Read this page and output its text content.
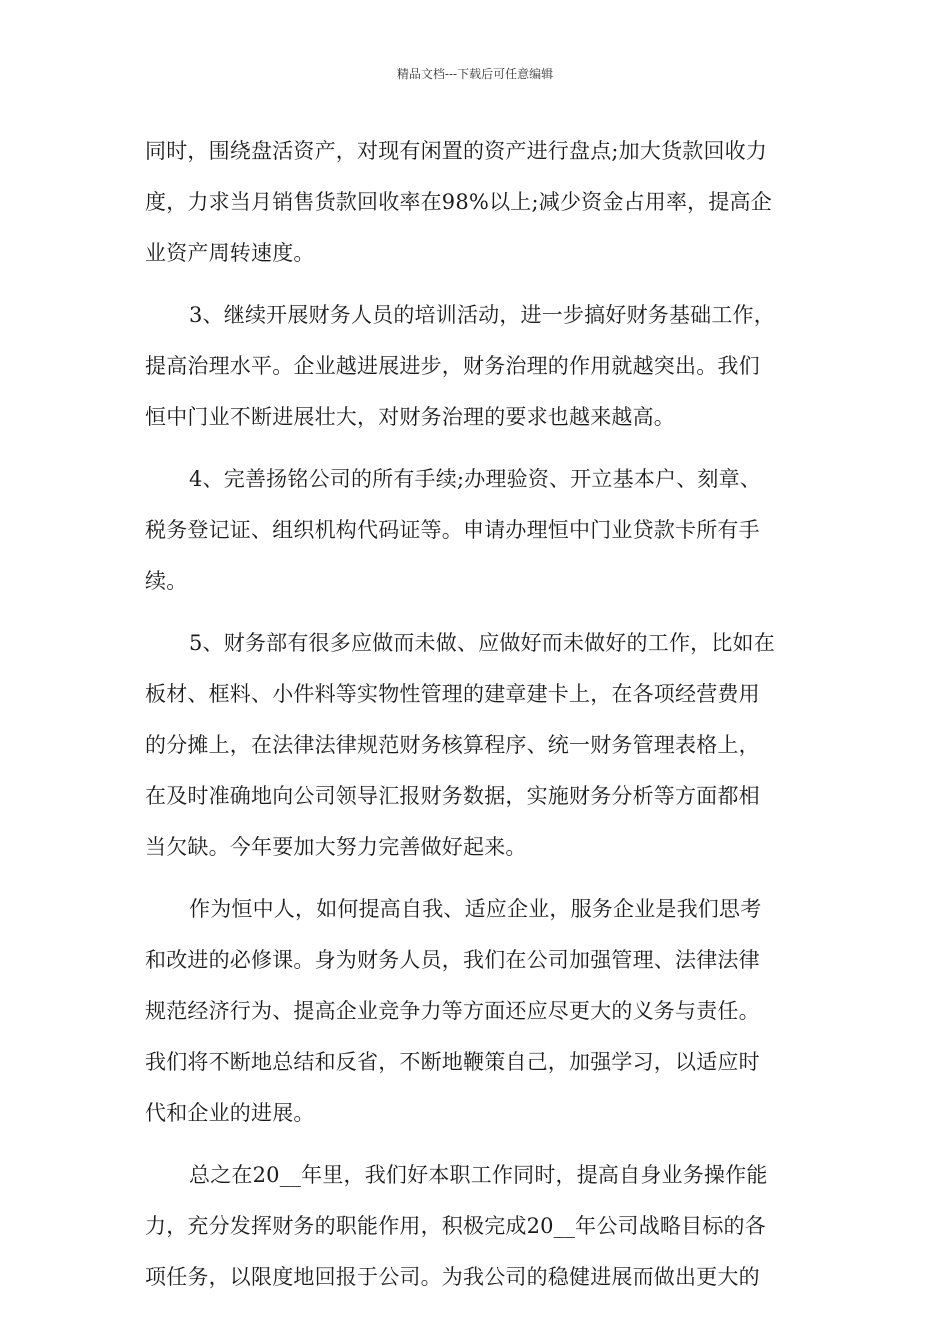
精品文档---下载后可任意编辑
同时，围绕盘活资产，对现有闲置的资产进行盘点;加大货款回收力
度，力求当月销售货款回收率在98%以上;减少资金占用率，提高企
业资产周转速度。
3、继续开展财务人员的培训活动，进一步搞好财务基础工作，
提高治理水平。企业越进展进步，财务治理的作用就越突出。我们
恒中门业不断进展壮大，对财务治理的要求也越来越高。
4、完善扬铭公司的所有手续;办理验资、开立基本户、刻章、
税务登记证、组织机构代码证等。申请办理恒中门业贷款卡所有手
续。
5、财务部有很多应做而未做、应做好而未做好的工作，比如在
板材、框料、小件料等实物性管理的建章建卡上，在各项经营费用
的分摊上，在法律法律规范财务核算程序、统一财务管理表格上，
在及时准确地向公司领导汇报财务数据，实施财务分析等方面都相
当欠缺。今年要加大努力完善做好起来。
作为恒中人，如何提高自我、适应企业，服务企业是我们思考
和改进的必修课。身为财务人员，我们在公司加强管理、法律法律
规范经济行为、提高企业竞争力等方面还应尽更大的义务与责任。
我们将不断地总结和反省，不断地鞭策自己，加强学习，以适应时
代和企业的进展。
总之在20__年里，我们好本职工作同时，提高自身业务操作能
力，充分发挥财务的职能作用，积极完成20__年公司战略目标的各
项任务，以限度地回报于公司。为我公司的稳健进展而做出更大的
